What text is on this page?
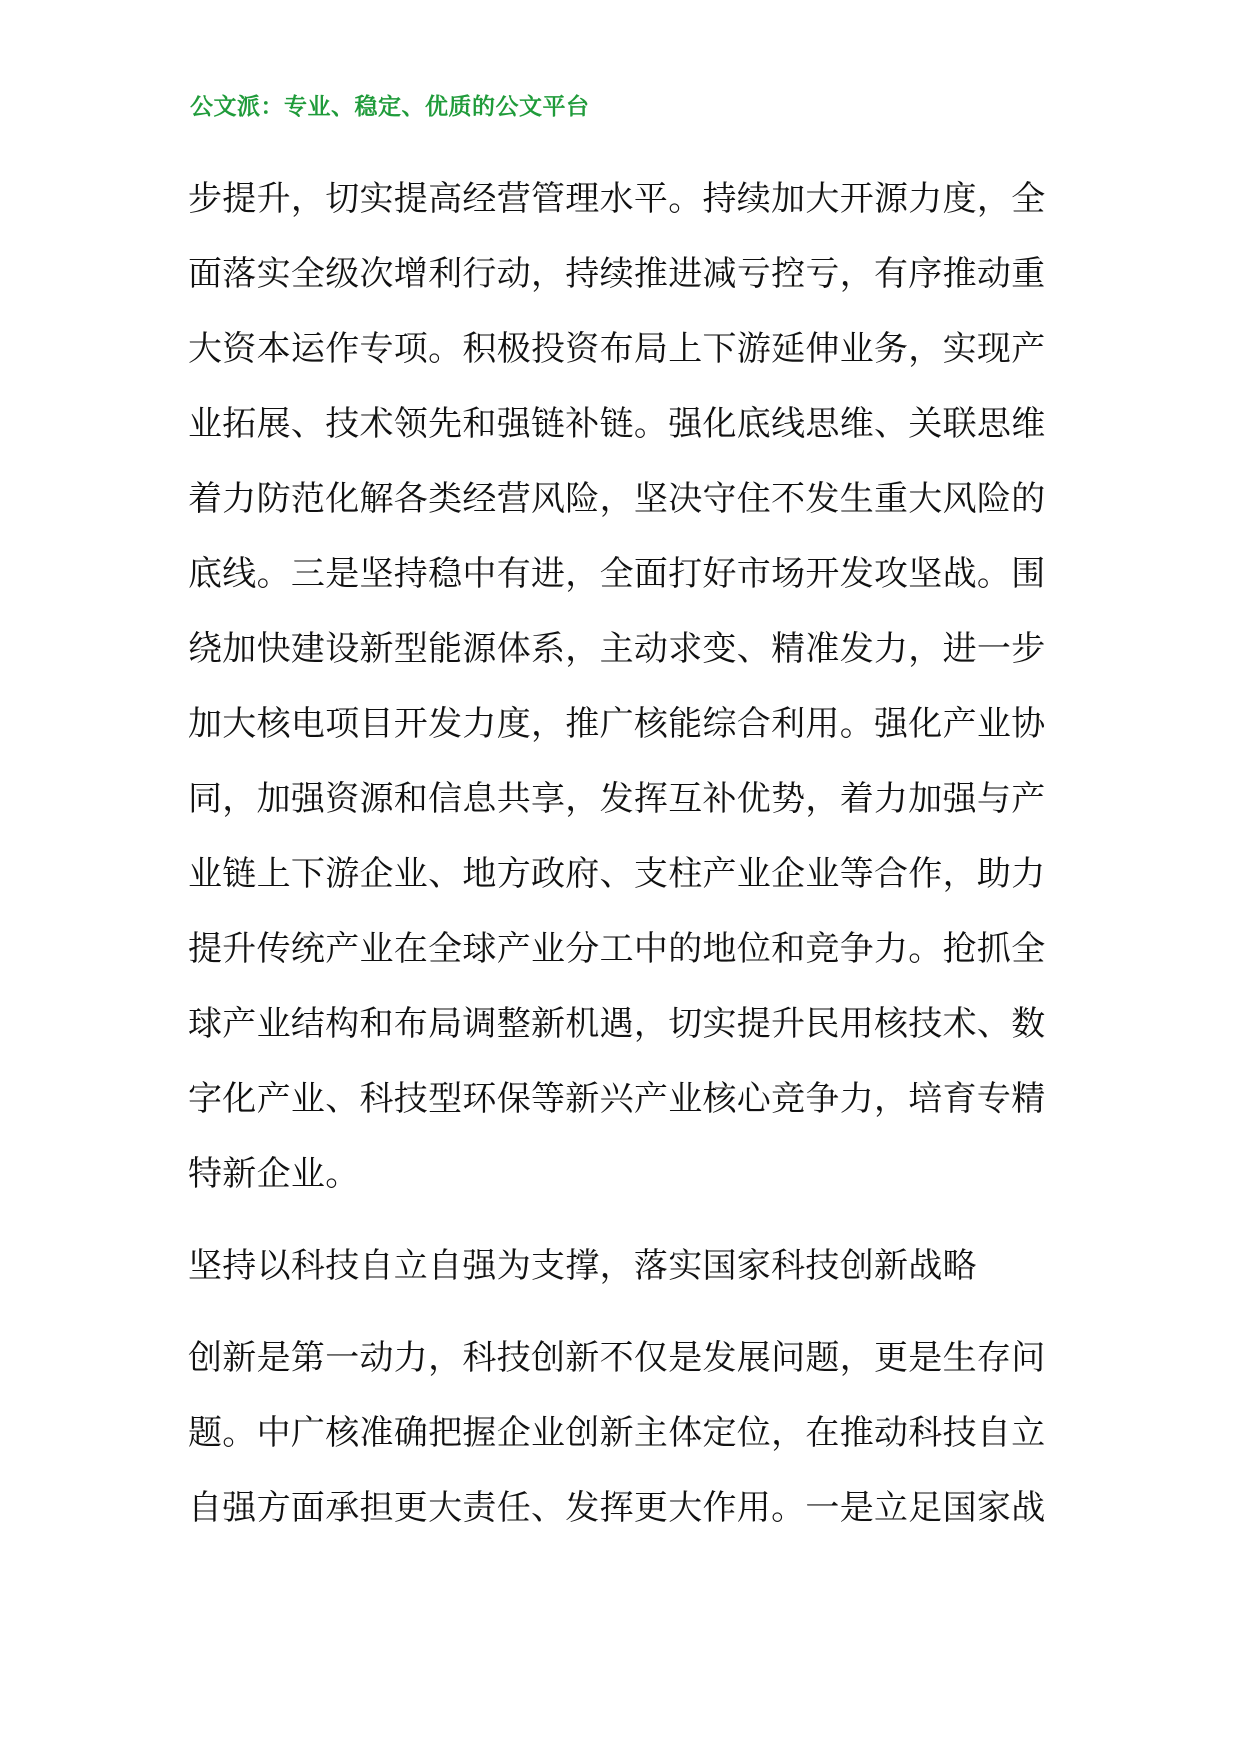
公文派：专业、稳定、优质的公文平台
步提升，切实提高经营管理水平。持续加大开源力度，全
面落实全级次增利行动，持续推进减亏控亏，有序推动重
大资本运作专项。积极投资布局上下游延伸业务，实现产
业拓展、技术领先和强链补链。强化底线思维、关联思维
着力防范化解各类经营风险，坚决守住不发生重大风险的
底线。三是坚持稳中有进，全面打好市场开发攻坚战。围
绕加快建设新型能源体系，主动求变、精准发力，进一步
加大核电项目开发力度，推广核能综合利用。强化产业协
同，加强资源和信息共享，发挥互补优势，着力加强与产
业链上下游企业、地方政府、支柱产业企业等合作，助力
提升传统产业在全球产业分工中的地位和竞争力。抢抓全
球产业结构和布局调整新机遇，切实提升民用核技术、数
字化产业、科技型环保等新兴产业核心竞争力，培育专精
特新企业。
坚持以科技自立自强为支撑，落实国家科技创新战略
创新是第一动力，科技创新不仅是发展问题，更是生存问
题。中广核准确把握企业创新主体定位，在推动科技自立
自强方面承担更大责任、发挥更大作用。一是立足国家战
